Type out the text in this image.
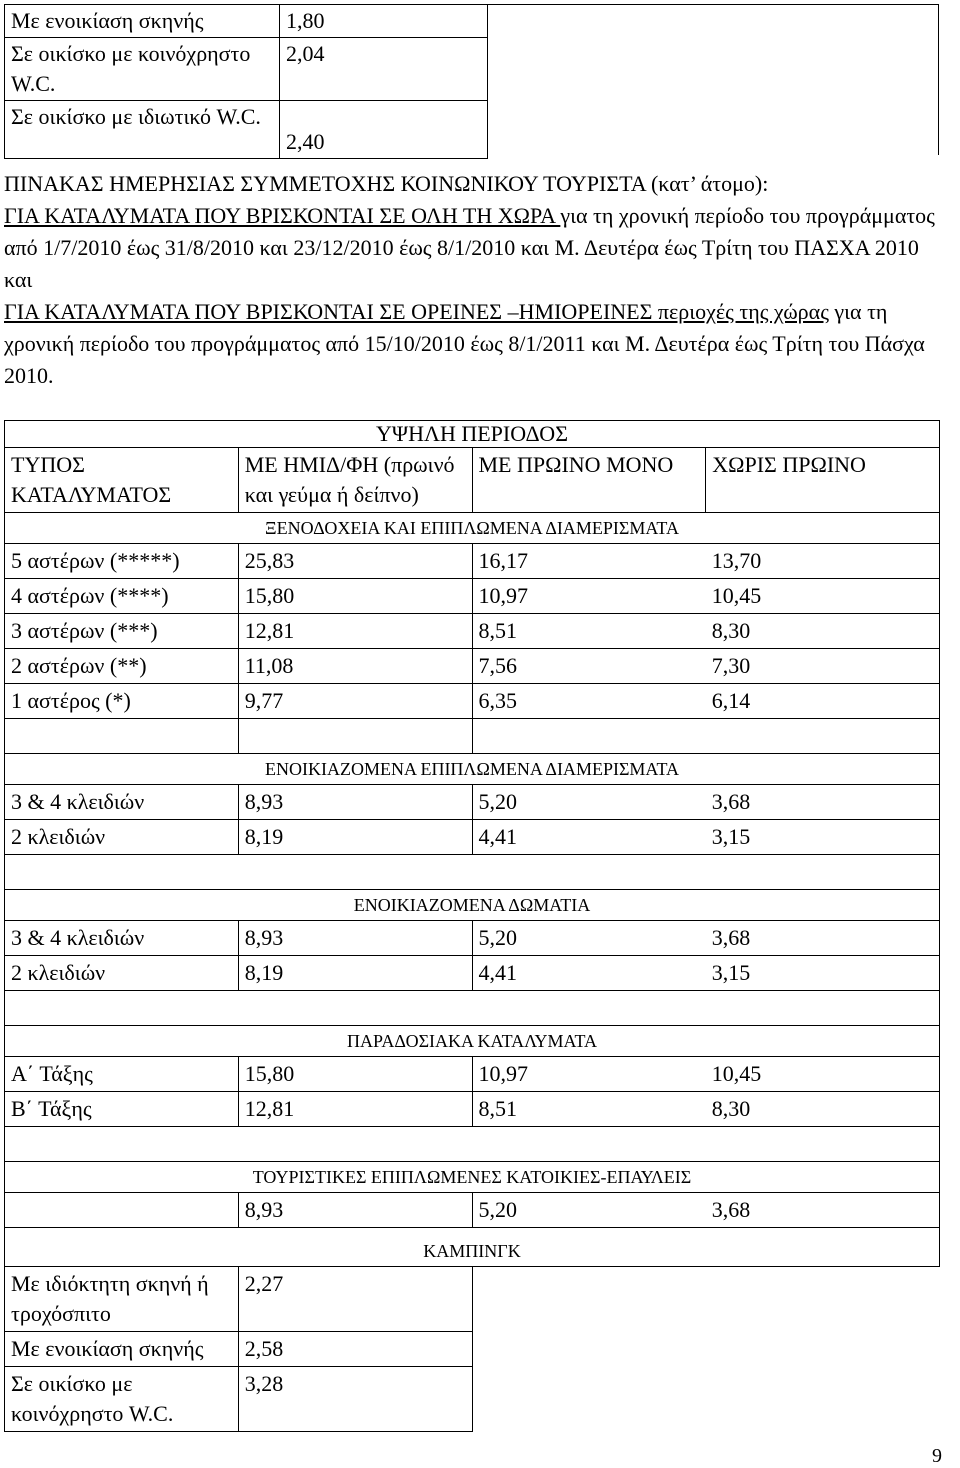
Με ενοικίαση σκηνής	1,80
Σε οικίσκο με κοινόχρηστο W.C.	2,04
Σε οικίσκο με ιδιωτικό W.C.	2,40
ΠΙΝΑΚΑΣ ΗΜΕΡΗΣΙΑΣ ΣΥΜΜΕΤΟΧΗΣ ΚΟΙΝΩΝΙΚΟΥ ΤΟΥΡΙΣΤΑ (κατ’ άτομο):
ΓΙΑ ΚΑΤΑΛΥΜΑΤΑ ΠΟΥ ΒΡΙΣΚΟΝΤΑΙ ΣΕ ΟΛΗ ΤΗ ΧΩΡΑ για τη χρονική περίοδο του προγράμματος από 1/7/2010 έως 31/8/2010 και 23/12/2010 έως 8/1/2010 και Μ. Δευτέρα έως Τρίτη του ΠΑΣΧΑ 2010 και
ΓΙΑ ΚΑΤΑΛΥΜΑΤΑ ΠΟΥ ΒΡΙΣΚΟΝΤΑΙ ΣΕ ΟΡΕΙΝΕΣ –ΗΜΙΟΡΕΙΝΕΣ περιοχές της χώρας για τη χρονική περίοδο του προγράμματος από 15/10/2010 έως 8/1/2011 και Μ. Δευτέρα έως Τρίτη του Πάσχα 2010.
ΥΨΗΛΗ ΠΕΡΙΟΔΟΣ			
ΤΥΠΟΣ ΚΑΤΑΛΥΜΑΤΟΣ	ΜΕ ΗΜΙΔ/ΦΗ (πρωινό και γεύμα ή δείπνο)	ΜΕ ΠΡΩΙΝΟ ΜΟΝΟ	ΧΩΡΙΣ ΠΡΩΙΝΟ
ΞΕΝΟΔΟΧΕΙΑ ΚΑΙ ΕΠΙΠΛΩΜΕΝΑ ΔΙΑΜΕΡΙΣΜΑΤΑ			
5 αστέρων (*****)	25,83	16,17	13,70
4 αστέρων (****)	15,80	10,97	10,45
3 αστέρων (***)	12,81	8,51	8,30
2 αστέρων (**)	11,08	7,56	7,30
1 αστέρος (*)	9,77	6,35	6,14

ΕΝΟΙΚΙΑΖΟΜΕΝΑ ΕΠΙΠΛΩΜΕΝΑ ΔΙΑΜΕΡΙΣΜΑΤΑ			
3 & 4 κλειδιών	8,93	5,20	3,68
2 κλειδιών	8,19	4,41	3,15

ΕΝΟΙΚΙΑΖΟΜΕΝΑ ΔΩΜΑΤΙΑ			
3 & 4 κλειδιών	8,93	5,20	3,68
2 κλειδιών	8,19	4,41	3,15

ΠΑΡΑΔΟΣΙΑΚΑ ΚΑΤΑΛΥΜΑΤΑ			
Α΄ Τάξης	15,80	10,97	10,45
Β΄ Τάξης	12,81	8,51	8,30

ΤΟΥΡΙΣΤΙΚΕΣ ΕΠΙΠΛΩΜΕΝΕΣ ΚΑΤΟΙΚΙΕΣ-ΕΠΑΥΛΕΙΣ			
	8,93	5,20	3,68
ΚΑΜΠΙΝΓΚ			
Με ιδιόκτητη σκηνή ή τροχόσπιτο	2,27		
Με ενοικίαση σκηνής	2,58		
Σε οικίσκο με κοινόχρηστο W.C.	3,28		
9
